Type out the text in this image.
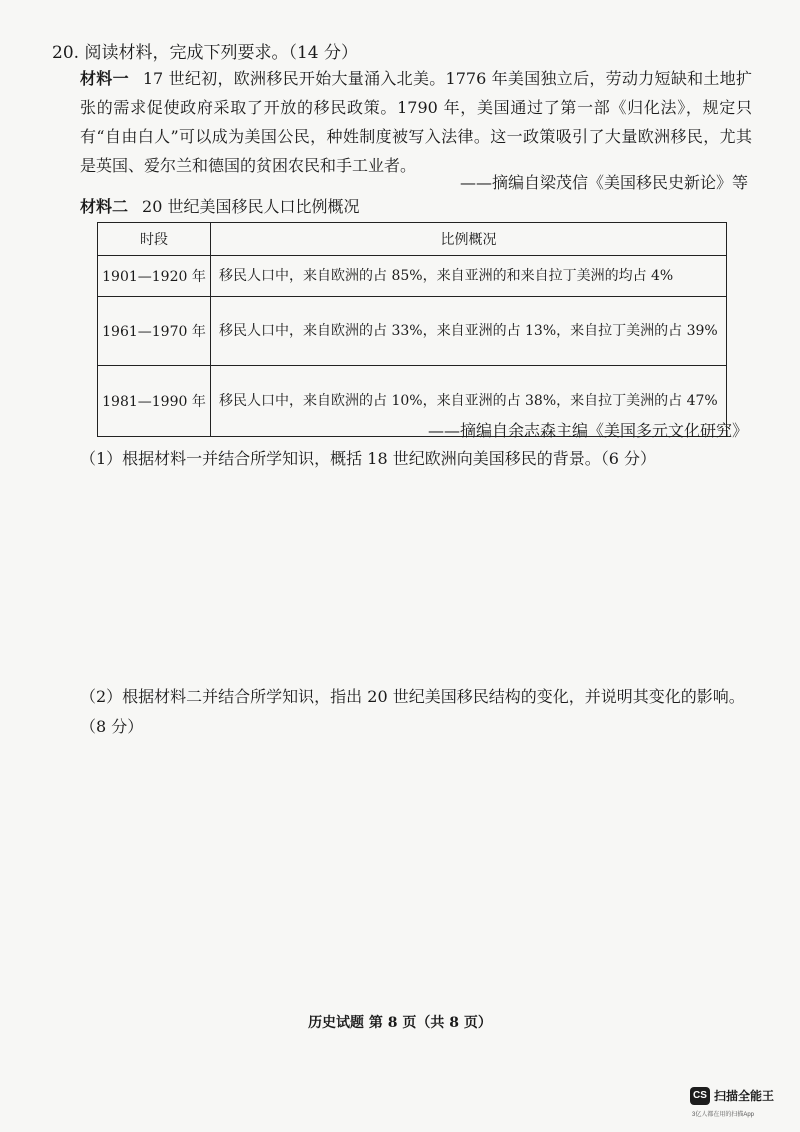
20. 阅读材料，完成下列要求。（14 分）
材料一 17 世纪初，欧洲移民开始大量涌入北美。1776 年美国独立后，劳动力短缺和土地扩张的需求促使政府采取了开放的移民政策。1790 年，美国通过了第一部《归化法》，规定只有“自由白人”可以成为美国公民，种姓制度被写入法律。这一政策吸引了大量欧洲移民，尤其是英国、爱尔兰和德国的贫困农民和手工业者。
——摘编自梁茂信《美国移民史新论》等
材料二 20 世纪美国移民人口比例概况
时段	比例概况
1901—1920 年	移民人口中，来自欧洲的占 85%，来自亚洲的和来自拉丁美洲的均占 4%
1961—1970 年	移民人口中，来自欧洲的占 33%，来自亚洲的占 13%，来自拉丁美洲的占 39%
1981—1990 年	移民人口中，来自欧洲的占 10%，来自亚洲的占 38%，来自拉丁美洲的占 47%
——摘编自余志森主编《美国多元文化研究》
（1）根据材料一并结合所学知识，概括 18 世纪欧洲向美国移民的背景。（6 分）
（2）根据材料二并结合所学知识，指出 20 世纪美国移民结构的变化，并说明其变化的影响。（8 分）
历史试题 第 8 页（共 8 页）
CS 扫描全能王
3亿人都在用的扫描App
